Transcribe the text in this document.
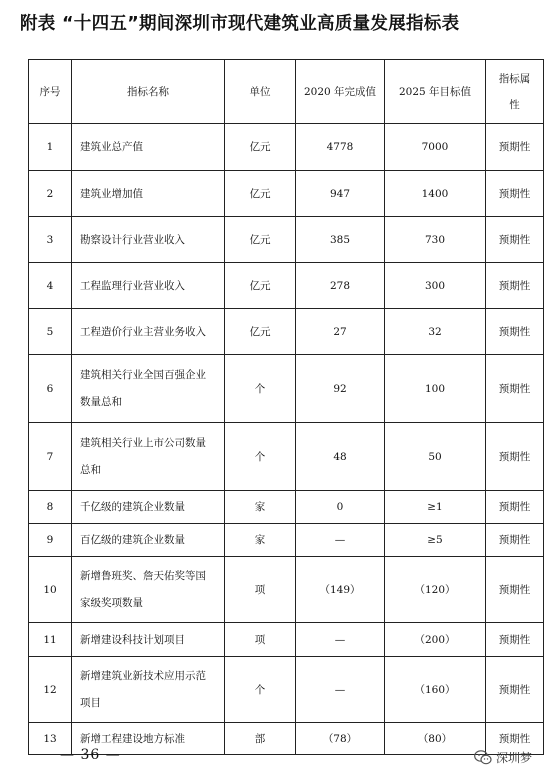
附表 “十四五”期间深圳市现代建筑业高质量发展指标表
序号	指标名称	单位	2020 年完成值	2025 年目标值	指标属
性

1	建筑业总产值	亿元	4778	7000	预期性
2	建筑业增加值	亿元	947	1400	预期性
3	勘察设计行业营业收入	亿元	385	730	预期性
4	工程监理行业营业收入	亿元	278	300	预期性
5	工程造价行业主营业务收入	亿元	27	32	预期性
6	建筑相关行业全国百强企业
数量总和	个	92	100	预期性
7	建筑相关行业上市公司数量
总和	个	48	50	预期性
8	千亿级的建筑企业数量	家	0	≥1	预期性
9	百亿级的建筑企业数量	家	—	≥5	预期性
10	新增鲁班奖、詹天佑奖等国
家级奖项数量	项	（149）	（120）	预期性
11	新增建设科技计划项目	项	—	（200）	预期性
12	新增建筑业新技术应用示范
项目	个	—	（160）	预期性
13	新增工程建设地方标准	部	（78）	（80）	预期性
— 36 —	深圳梦
